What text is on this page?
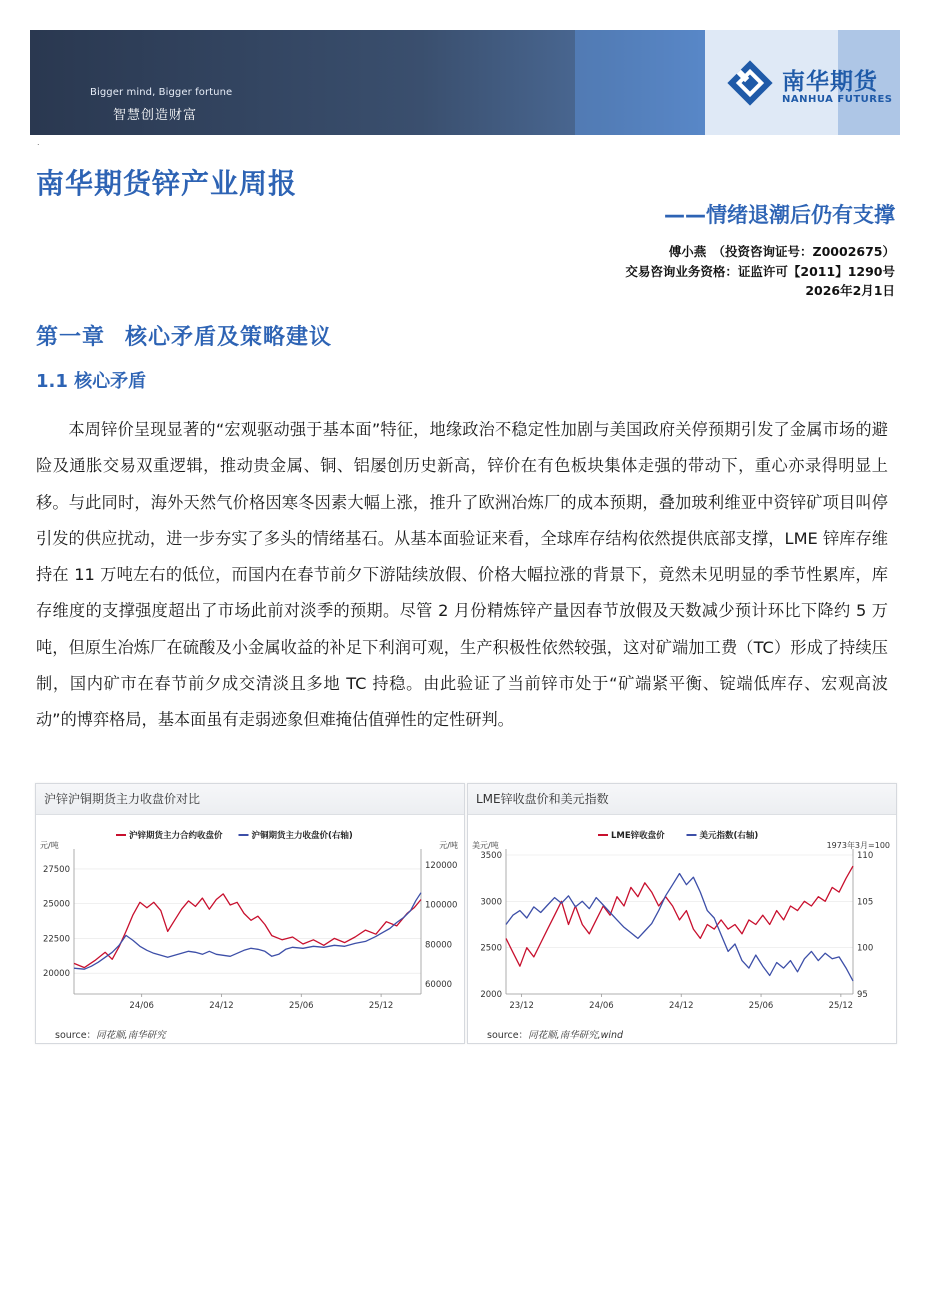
Bigger mind, Bigger fortune
智慧创造财富
南华期货
NANHUA FUTURES
.
南华期货锌产业周报
——情绪退潮后仍有支撑
傅小燕　（投资咨询证号：Z0002675）
交易咨询业务资格：证监许可【2011】1290号
2026年2月1日
第一章 核心矛盾及策略建议
1.1 核心矛盾
本周锌价呈现显著的“宏观驱动强于基本面”特征，地缘政治不稳定性加剧与美国政府关停预期引发了金属市场的避险及通胀交易双重逻辑，推动贵金属、铜、铝屡创历史新高，锌价在有色板块集体走强的带动下，重心亦录得明显上移。与此同时，海外天然气价格因寒冬因素大幅上涨，推升了欧洲冶炼厂的成本预期，叠加玻利维亚中资锌矿项目叫停引发的供应扰动，进一步夯实了多头的情绪基石。从基本面验证来看，全球库存结构依然提供底部支撑，LME 锌库存维持在 11 万吨左右的低位，而国内在春节前夕下游陆续放假、价格大幅拉涨的背景下，竟然未见明显的季节性累库，库存维度的支撑强度超出了市场此前对淡季的预期。尽管 2 月份精炼锌产量因春节放假及天数减少预计环比下降约 5 万吨，但原生冶炼厂在硫酸及小金属收益的补足下利润可观，生产积极性依然较强，这对矿端加工费（TC）形成了持续压制，国内矿市在春节前夕成交清淡且多地 TC 持稳。由此验证了当前锌市处于“矿端紧平衡、锭端低库存、宏观高波动”的博弈格局，基本面虽有走弱迹象但难掩估值弹性的定性研判。
沪锌沪铜期货主力收盘价对比
元/吨	元/吨
20000
22500
25000
27500
60000
80000
100000
120000
24/06	24/12	25/06	25/12
沪锌期货主力合约收盘价	沪铜期货主力收盘价(右轴)
source：同花顺,南华研究
LME锌收盘价和美元指数
美元/吨	1973年3月=100
2000
2500
3000
3500
95
100
105
110
23/12	24/06	24/12	25/06	25/12
LME锌收盘价	美元指数(右轴)
source：同花顺,南华研究,wind
